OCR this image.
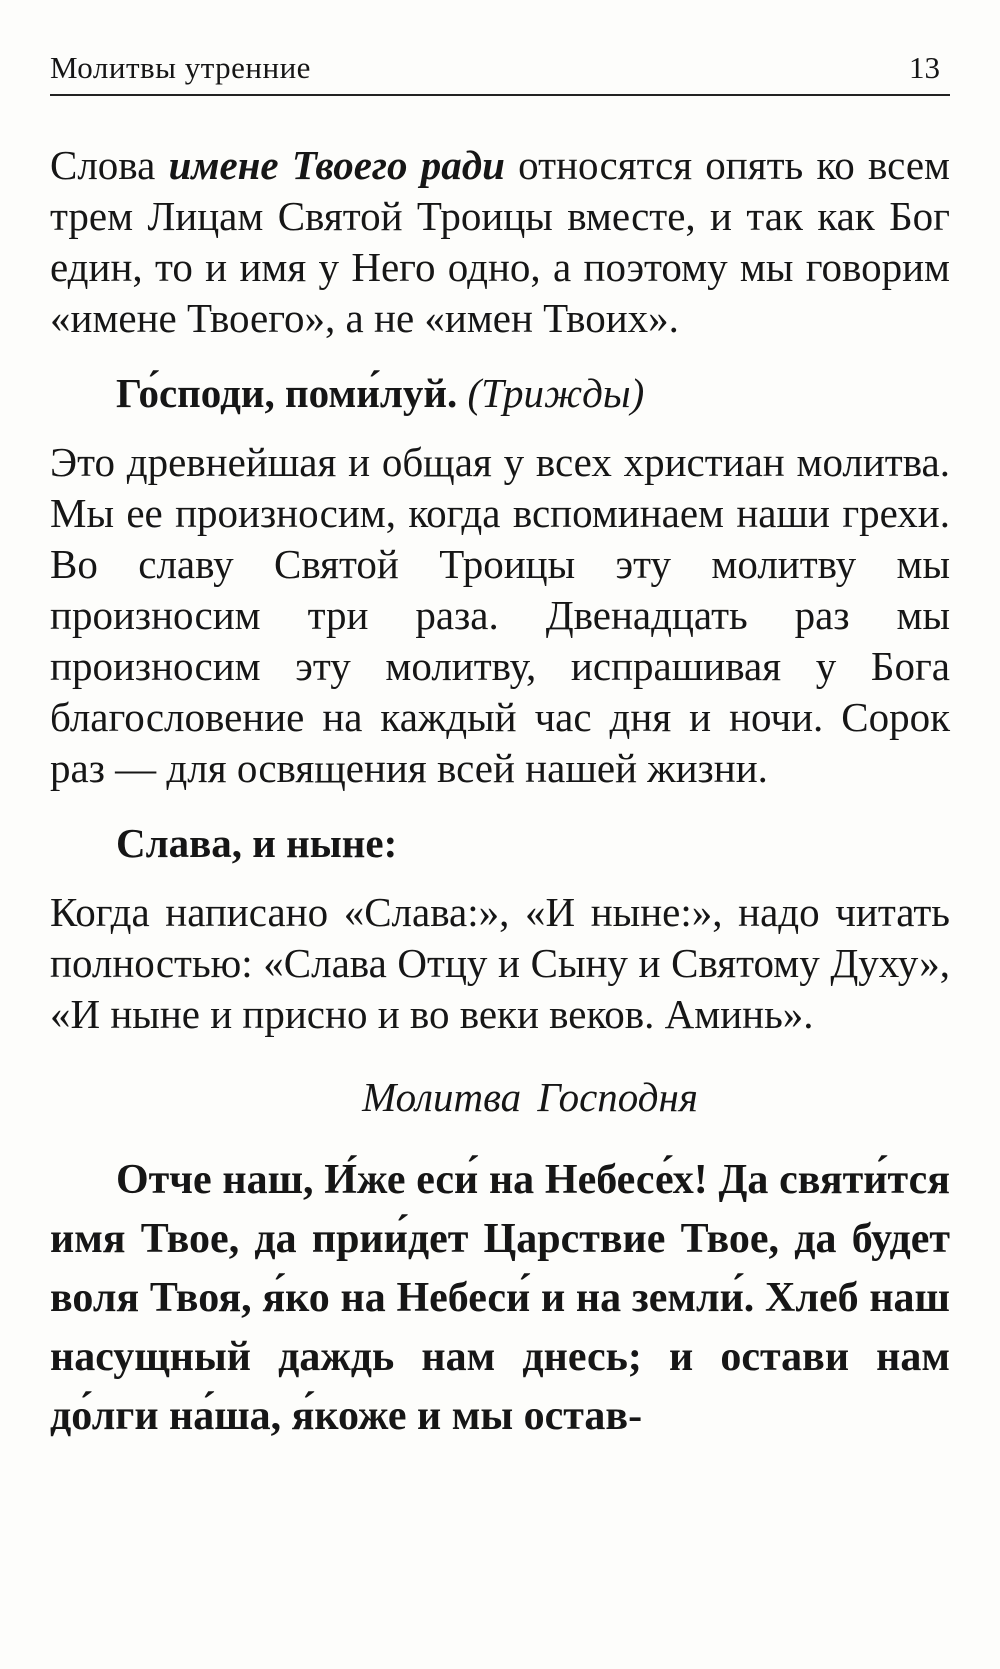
Молитвы утренние	13

Слова имене Твоего ради относятся опять ко всем трем Лицам Святой Троицы вместе, и так как Бог един, то и имя у Него одно, а поэтому мы говорим «имене Твоего», а не «имен Твоих».

Го́споди, поми́луй. (Трижды)

Это древнейшая и общая у всех христиан молитва. Мы ее произносим, когда вспоминаем наши грехи. Во славу Святой Троицы эту молитву мы произносим три раза. Двенадцать раз мы произносим эту молитву, испрашивая у Бога благословение на каждый час дня и ночи. Сорок раз — для освящения всей нашей жизни.

Слава, и ныне:

Когда написано «Слава:», «И ныне:», надо читать полностью: «Слава Отцу и Сыну и Святому Духу», «И ныне и присно и во веки веков. Аминь».

Молитва Господня

Отче наш, И́же еси́ на Небесе́х! Да святи́тся имя Твое, да прии́дет Царствие Твое, да будет воля Твоя, я́ко на Небеси́ и на земли́. Хлеб наш насущный даждь нам днесь; и остави нам до́лги на́ша, я́коже и мы остав-
